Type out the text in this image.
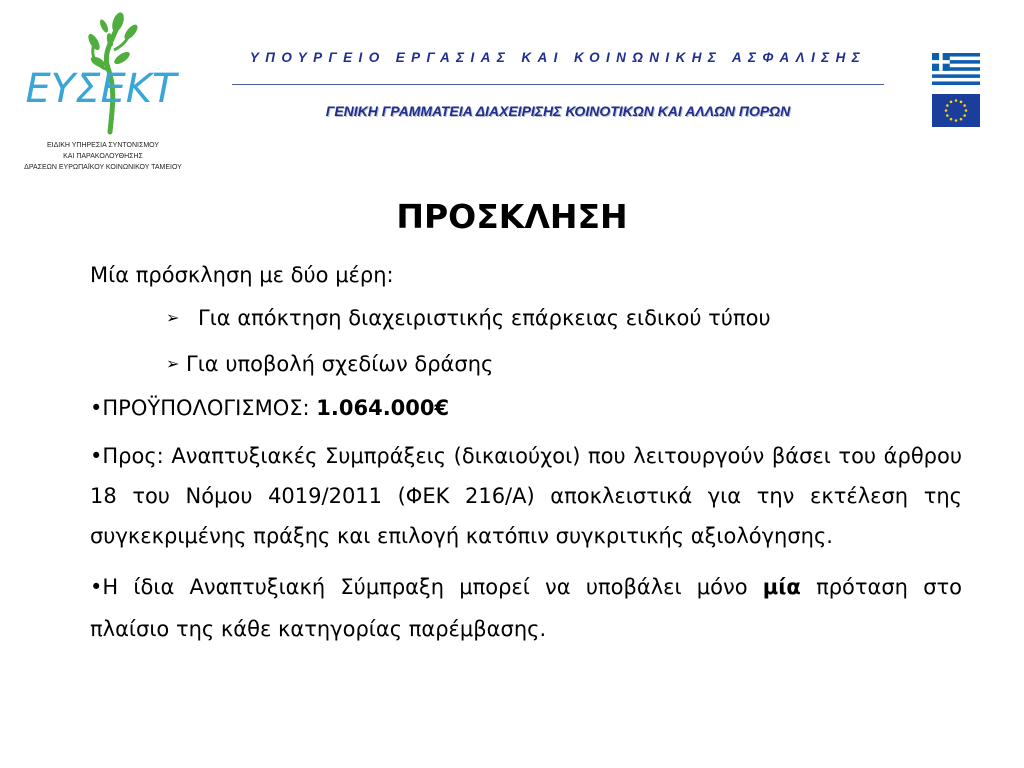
ΕΥΣΕΚΤ
ΕΙΔΙΚΗ ΥΠΗΡΕΣΙΑ ΣΥΝΤΟΝΙΣΜΟΥ
ΚΑΙ ΠΑΡΑΚΟΛΟΥΘΗΣΗΣ
ΔΡΑΣΕΩΝ ΕΥΡΩΠΑΪΚΟΥ ΚΟΙΝΩΝΙΚΟΥ ΤΑΜΕΙΟΥ
ΥΠΟΥΡΓΕΙΟ ΕΡΓΑΣΙΑΣ ΚΑΙ ΚΟΙΝΩΝΙΚΗΣ ΑΣΦΑΛΙΣΗΣ
ΓΕΝΙΚΗ ΓΡΑΜΜΑΤΕΙΑ ΔΙΑΧΕΙΡΙΣΗΣ ΚΟΙΝΟΤΙΚΩΝ ΚΑΙ ΑΛΛΩΝ ΠΟΡΩΝ
ΠΡΟΣΚΛΗΣΗ

Μία πρόσκληση με δύο μέρη:

➢ Για απόκτηση διαχειριστικής επάρκειας ειδικού τύπου
➢ Για υποβολή σχεδίων δράσης

•ΠΡΟΫΠΟΛΟΓΙΣΜΟΣ: 1.064.000€

•Προς: Αναπτυξιακές Συμπράξεις (δικαιούχοι) που λειτουργούν βάσει του άρθρου 18 του Νόμου 4019/2011 (ΦΕΚ 216/Α) αποκλειστικά για την εκτέλεση της συγκεκριμένης πράξης και επιλογή κατόπιν συγκριτικής αξιολόγησης.

•Η ίδια Αναπτυξιακή Σύμπραξη μπορεί να υποβάλει μόνο μία πρόταση στο πλαίσιο της κάθε κατηγορίας παρέμβασης.
